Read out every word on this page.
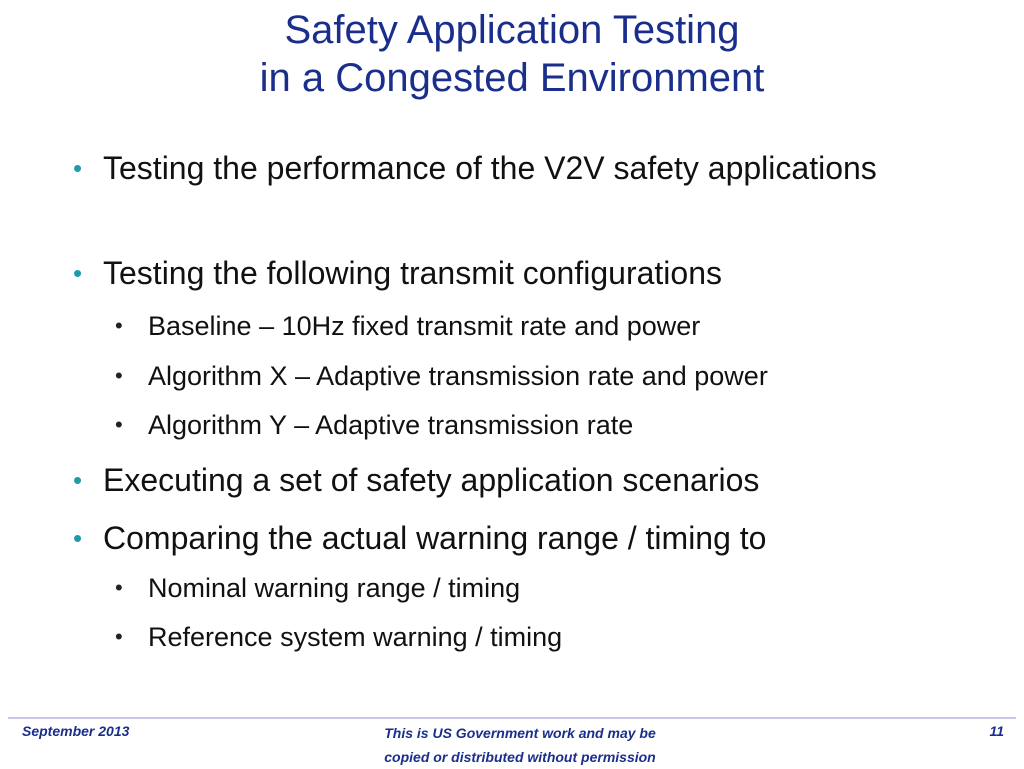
Safety Application Testing
in a Congested Environment
• Testing the performance of the V2V safety applications
• Testing the following transmit configurations
• Baseline – 10Hz fixed transmit rate and power
• Algorithm X – Adaptive transmission rate and power
• Algorithm Y – Adaptive transmission rate
• Executing a set of safety application scenarios
• Comparing the actual warning range / timing to
• Nominal warning range / timing
• Reference system warning / timing
September 2013	This is US Government work and may be
copied or distributed without permission
11
